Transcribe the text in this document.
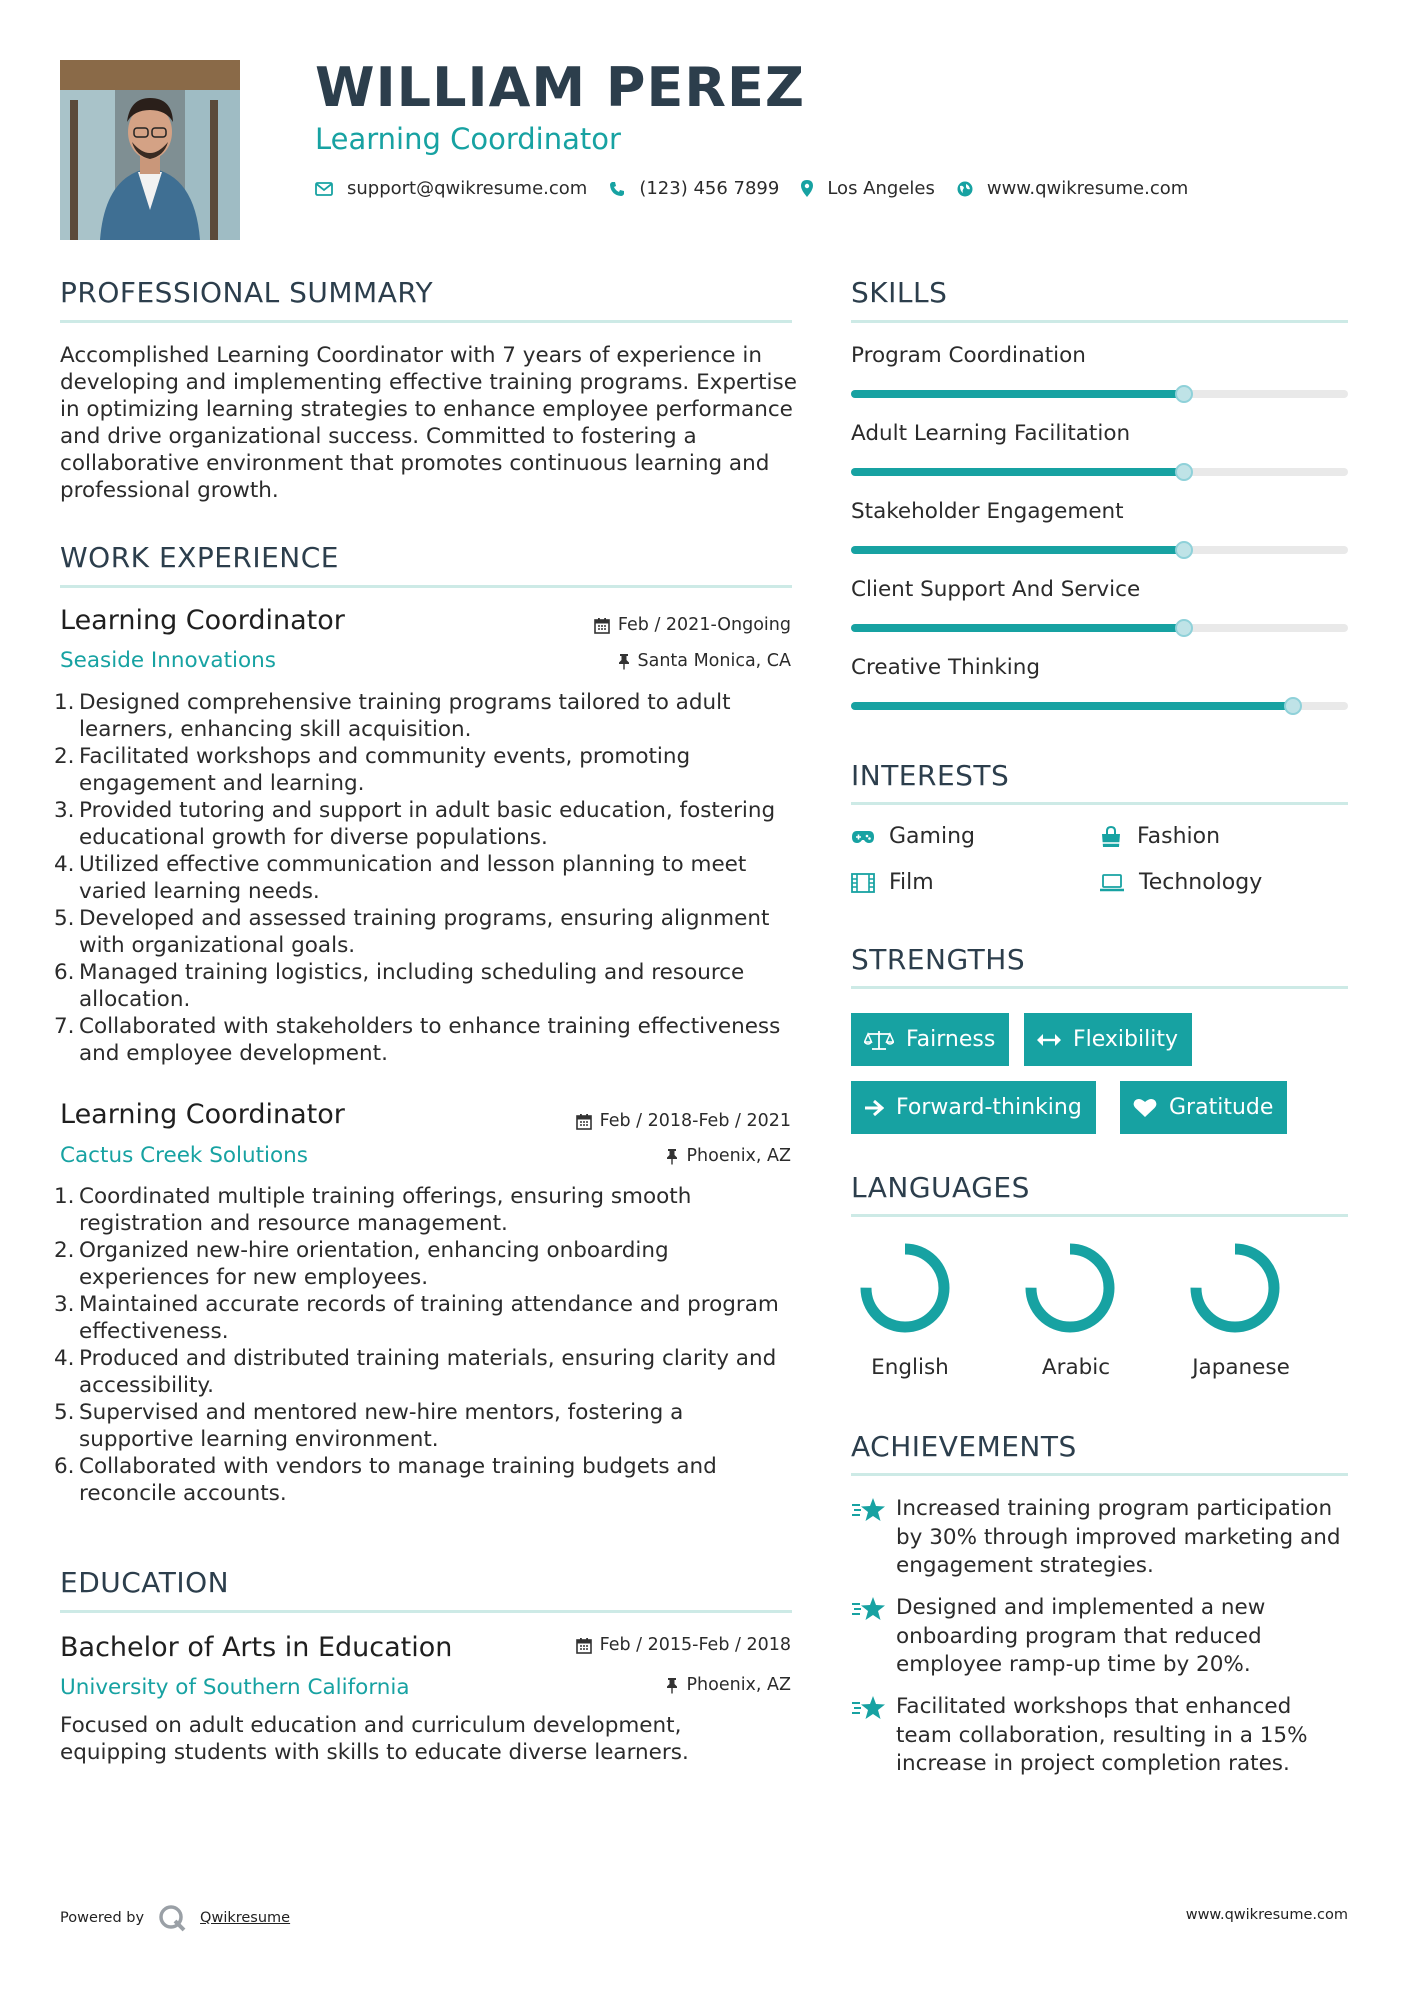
WILLIAM PEREZ
Learning Coordinator
support@qwikresume.com	(123) 456 7899	Los Angeles	www.qwikresume.com
PROFESSIONAL SUMMARY
Accomplished Learning Coordinator with 7 years of experience in developing and implementing effective training programs. Expertise in optimizing learning strategies to enhance employee performance and drive organizational success. Committed to fostering a collaborative environment that promotes continuous learning and professional growth.
WORK EXPERIENCE
Learning Coordinator	Feb / 2021-Ongoing
Seaside Innovations	Santa Monica, CA
1. Designed comprehensive training programs tailored to adult learners, enhancing skill acquisition.
2. Facilitated workshops and community events, promoting engagement and learning.
3. Provided tutoring and support in adult basic education, fostering educational growth for diverse populations.
4. Utilized effective communication and lesson planning to meet varied learning needs.
5. Developed and assessed training programs, ensuring alignment with organizational goals.
6. Managed training logistics, including scheduling and resource allocation.
7. Collaborated with stakeholders to enhance training effectiveness and employee development.
Learning Coordinator	Feb / 2018-Feb / 2021
Cactus Creek Solutions	Phoenix, AZ
1. Coordinated multiple training offerings, ensuring smooth registration and resource management.
2. Organized new-hire orientation, enhancing onboarding experiences for new employees.
3. Maintained accurate records of training attendance and program effectiveness.
4. Produced and distributed training materials, ensuring clarity and accessibility.
5. Supervised and mentored new-hire mentors, fostering a supportive learning environment.
6. Collaborated with vendors to manage training budgets and reconcile accounts.
EDUCATION
Bachelor of Arts in Education	Feb / 2015-Feb / 2018
University of Southern California	Phoenix, AZ
Focused on adult education and curriculum development, equipping students with skills to educate diverse learners.
SKILLS
Program Coordination
Adult Learning Facilitation
Stakeholder Engagement
Client Support And Service
Creative Thinking
INTERESTS
Gaming	Fashion
Film	Technology
STRENGTHS
Fairness	Flexibility
Forward-thinking	Gratitude
LANGUAGES
English	Arabic	Japanese
ACHIEVEMENTS
Increased training program participation by 30% through improved marketing and engagement strategies.
Designed and implemented a new onboarding program that reduced employee ramp-up time by 20%.
Facilitated workshops that enhanced team collaboration, resulting in a 15% increase in project completion rates.
Powered by	Qwikresume	www.qwikresume.com
